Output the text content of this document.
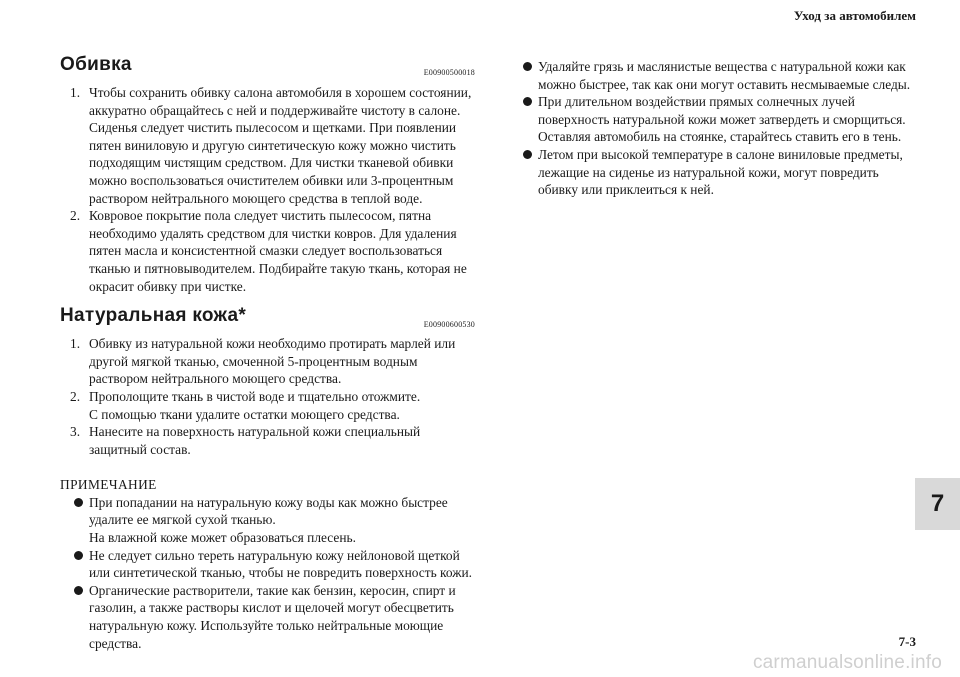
Уход за автомобилем
Обивка	E00900500018
1. Чтобы сохранить обивку салона автомобиля в хорошем состоянии, аккуратно обращайтесь с ней и поддерживайте чистоту в салоне.

Сиденья следует чистить пылесосом и щетками. При появлении пятен виниловую и другую синтетическую кожу можно чистить подходящим чистящим средством. Для чистки тканевой обивки можно воспользоваться очистителем обивки или 3-процентным раствором нейтрального моющего средства в теплой воде.

2. Ковровое покрытие пола следует чистить пылесосом, пятна необходимо удалять средством для чистки ковров. Для удаления пятен масла и консистентной смазки следует воспользоваться тканью и пятновыводителем. Подбирайте такую ткань, которая не окрасит обивку при чистке.

Натуральная кожа*	E00900600530
1. Обивку из натуральной кожи необходимо протирать марлей или другой мягкой тканью, смоченной 5-процентным водным раствором нейтрального моющего средства.

2. Прополощите ткань в чистой воде и тщательно отожмите.

С помощью ткани удалите остатки моющего средства.

3. Нанесите на поверхность натуральной кожи специальный защитный состав.

ПРИМЕЧАНИЕ

При попадании на натуральную кожу воды как можно быстрее удалите ее мягкой сухой тканью.

На влажной коже может образоваться плесень.

Не следует сильно тереть натуральную кожу нейлоновой щеткой или синтетической тканью, чтобы не повредить поверхность кожи.

Органические растворители, такие как бензин, керосин, спирт и газолин, а также растворы кислот и щелочей могут обесцветить натуральную кожу. Используйте только нейтральные моющие средства.

Удаляйте грязь и маслянистые вещества с натуральной кожи как можно быстрее, так как они могут оставить несмываемые следы.

При длительном воздействии прямых солнечных лучей поверхность натуральной кожи может затвердеть и сморщиться.

Оставляя автомобиль на стоянке, старайтесь ставить его в тень.

Летом при высокой температуре в салоне виниловые предметы, лежащие на сиденье из натуральной кожи, могут повредить обивку или приклеиться к ней.

7
7-3
carmanualsonline.info
